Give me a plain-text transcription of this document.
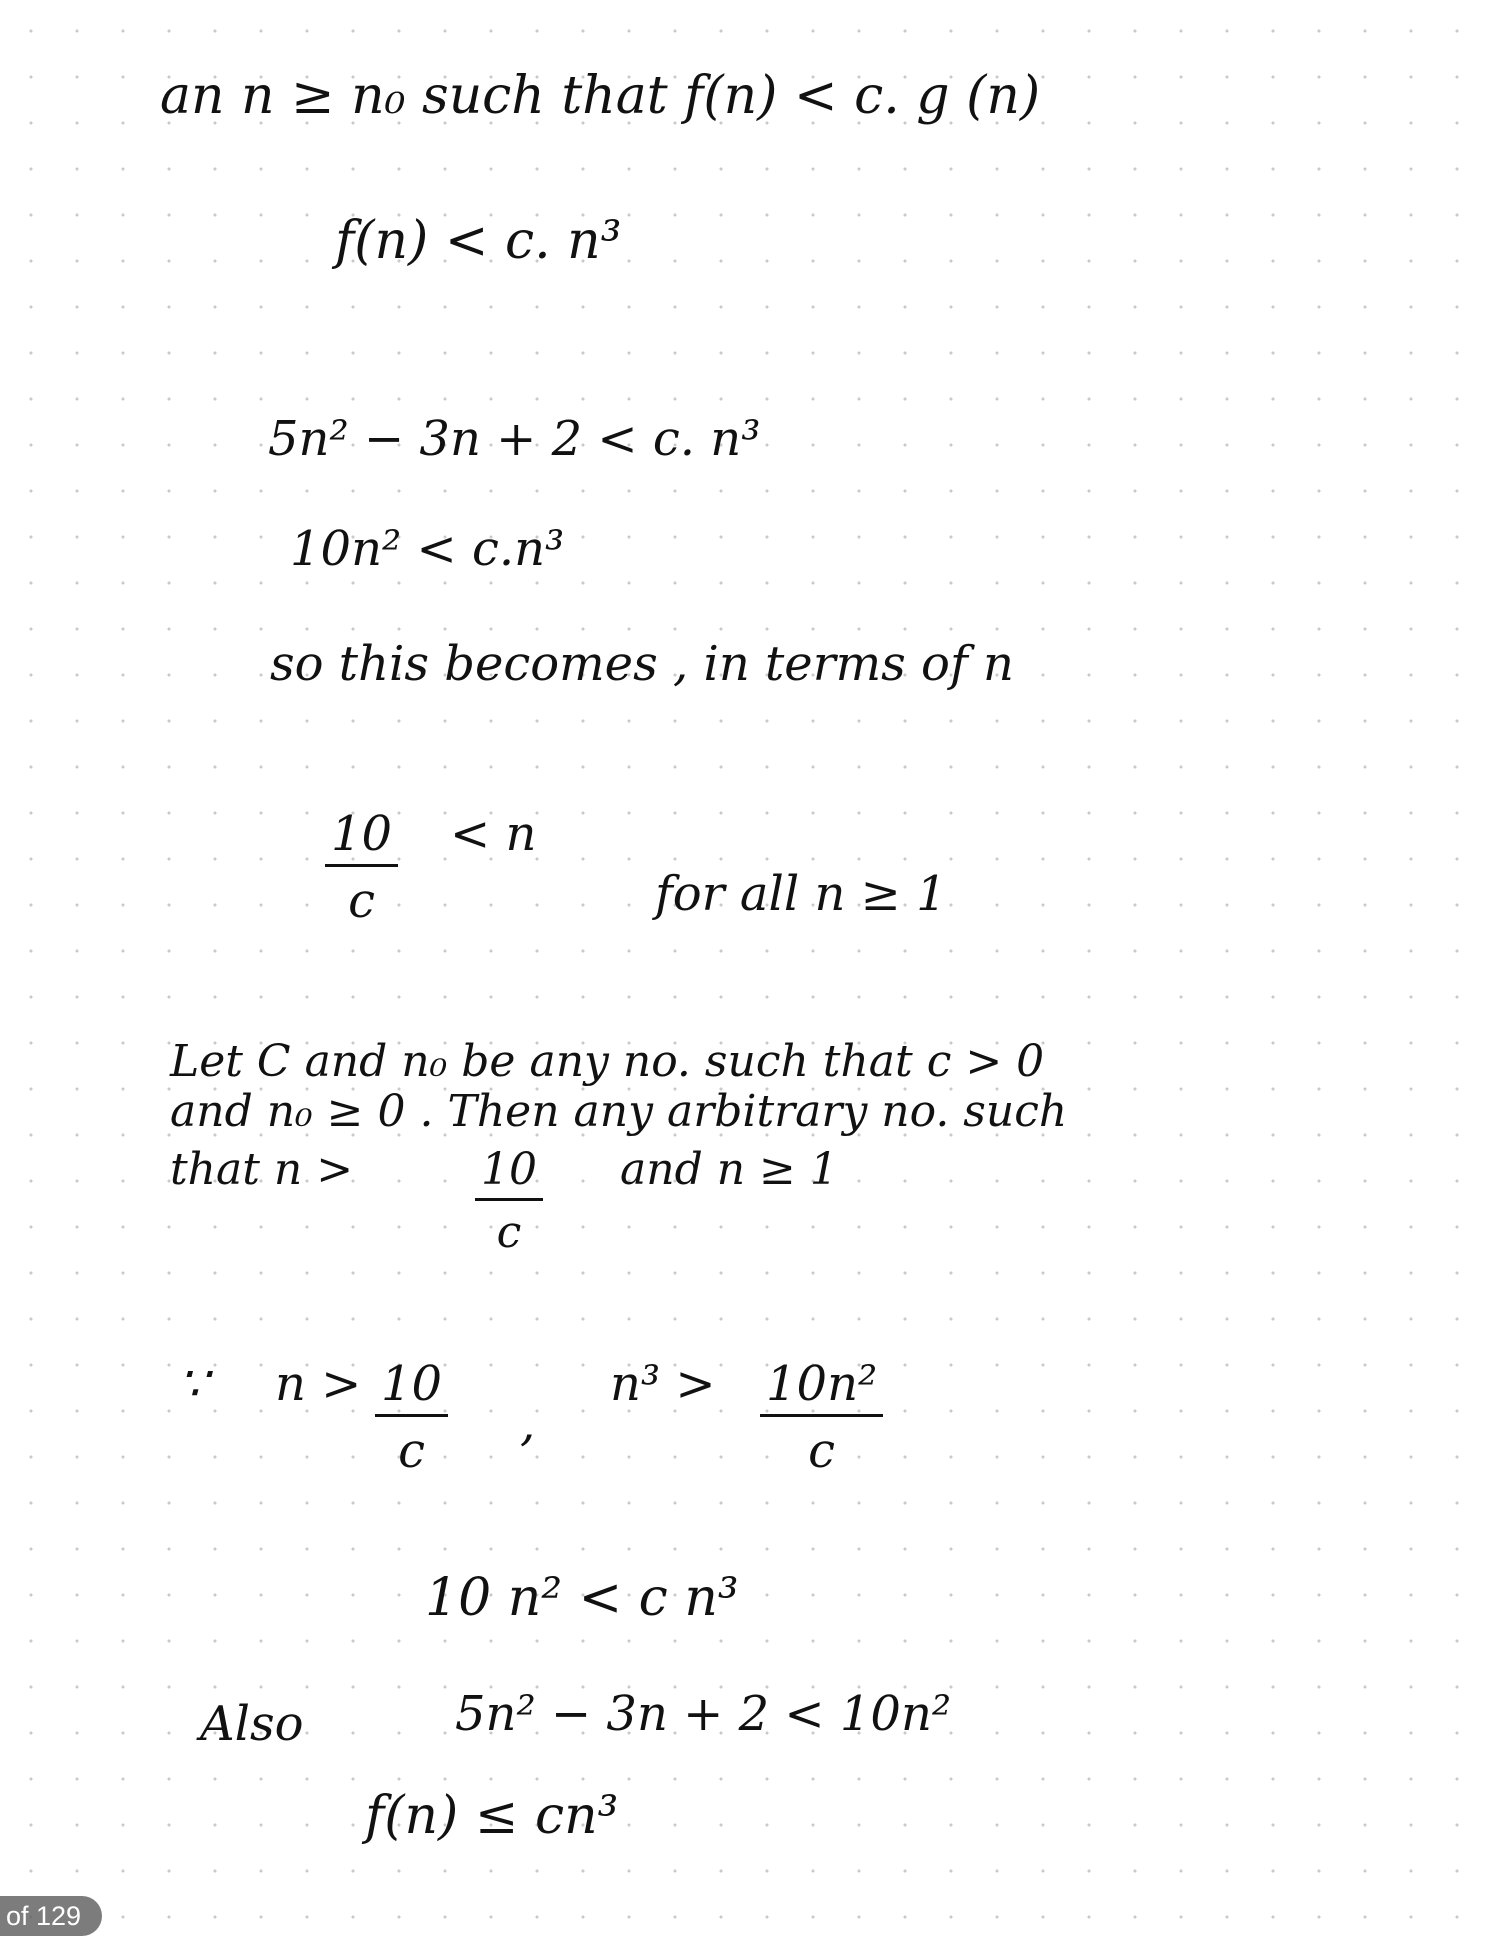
an n ≥ n₀ such that f(n) < c. g (n)
f(n) < c. n³
5n² − 3n + 2 < c. n³
10n² < c.n³
so this becomes , in terms of n
$\frac{10}{c} < n$
for all n ≥ 1
Let C and n₀ be any no. such that c > 0
and n₀ ≥ 0 . Then any arbitrary no. such
that n >	$\frac{10}{c}$ and n ≥ 1
∵ $n > \frac{10}{c}$ ,
$n^3 > \frac{\text{10n²}}{c}$
10 n² < c n³
Also	5n² − 3n + 2 < 10n²
f(n) ≤ cn³
of 129
